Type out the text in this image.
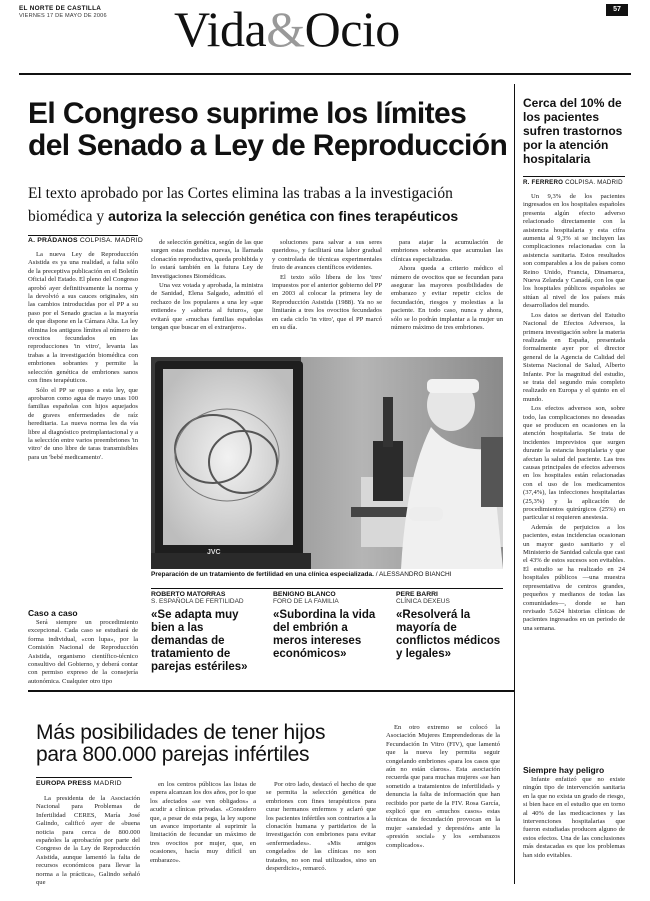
EL NORTE DE CASTILLA
VIERNES 17 DE MAYO DE 2006 Vida&Ocio	57
El Congreso suprime los límites
del Senado a Ley de Reproducción
El texto aprobado por las Cortes elimina las trabas a la investigación
biomédica y autoriza la selección genética con fines terapéuticos
A. PRÁDANOS COLPISA. MADRID

La nueva Ley de Reproducción Asistida es ya una realidad, a falta sólo de la preceptiva publicación en el Boletín Oficial del Estado. El pleno del Congreso aprobó ayer definitivamente la norma y la devolvió a sus cauces originales, sin las cambios introducidas por el PP a su paso por el Senado gracias a la mayoría de que dispone en la Cámara Alta. La ley elimina los antiguos límites al número de ovocitos fecundados en las reproducciones 'in vitro', levanta las trabas a la investigación biomédica con embriones sobrantes y permite la selección genética de embriones sanos con fines terapéuticos.

Sólo el PP se opuso a esta ley, que aprobaron como agua de mayo unas 100 familias españolas con hijos aquejados de graves enfermedades de raíz hereditaria. La nueva norma les da vía libre al diagnóstico preimplantacional y a la selección entre varios preembriones 'in vitro' de uno libre de taras transmisibles para un 'bebé medicamento'.

de selección genética, según de las que surgen estas medidas nuevas, la llamada clonación reproductiva, queda prohibida y lo estará también en la futura Ley de Investigaciones Biomédicas.

Una vez votada y aprobada, la ministra de Sanidad, Elena Salgado, admitió el rechazo de los populares a una ley «que entiende» y «abierta al futuro», que evitará que «muchas familias españolas tengan que buscar en el extranjero».

soluciones para salvar a sus seres queridos», y facilitará una labor gradual y controlada de técnicas experimentales fruto de avances científicos evidentes.

El texto sólo libera de los 'tres' impuestos por el anterior gobierno del PP en 2003 al colocar la primera ley de Reproducción Asistida (1988). Ya no se limitarán a tres los ovocitos fecundados en cada ciclo 'in vitro', que el PP marcó en su día.

para atajar la acumulación de embriones sobrantes que acumulan las clínicas especializadas.

Ahora queda a criterio médico el número de ovocitos que se fecundan para asegurar las mayores posibilidades de embarazo y evitar repetir ciclos de fecundación, riesgos y molestias a la paciente. En todo caso, nunca y ahora, sólo se lo podrán implantar a la mujer un número máximo de tres embriones.

JVC
Preparación de un tratamiento de fertilidad en una clínica especializada. / ALESSANDRO BIANCHI
Caso a caso

Será siempre un procedimiento excepcional. Cada caso se estudiará de forma individual, «con lupa», por la Comisión Nacional de Reproducción Asistida, organismo científico-técnico consultivo del Gobierno, y deberá contar con permiso expreso de la consejería autonómica. Cualquier otro tipo

ROBERTO MATORRAS
S. ESPAÑOLA DE FERTILIDAD
«Se adapta muy bien a las demandas de tratamiento de parejas estériles»
BENIGNO BLANCO
FORO DE LA FAMILIA
«Subordina la vida del embrión a meros intereses económicos»
PERE BARRI
CLÍNICA DEXEUS
«Resolverá la mayoría de conflictos médicos y legales»
Cerca del 10% de los pacientes sufren trastornos por la atención hospitalaria
R. FERRERO COLPISA. MADRID

Un 9,3% de los pacientes ingresados en los hospitales españoles presenta algún efecto adverso relacionado directamente con la asistencia hospitalaria y esta cifra aumenta al 9,3% si se incluyen las complicaciones relacionadas con la asistencia sanitaria. Estos resultados son comparables a los de países como Reino Unido, Francia, Dinamarca, Nueva Zelanda y Canadá, con los que los hospitales públicos españoles se sitúan al nivel de los países más desarrollados del mundo.

Los datos se derivan del Estudio Nacional de Efectos Adversos, la primera investigación sobre la materia realizada en España, presentada formalmente ayer por el director general de la Agencia de Calidad del Sistema Nacional de Salud, Alberto Infante. Por la magnitud del estudio, se trata del segundo más completo realizado en Europa y el quinto en el mundo.

Los efectos adversos son, sobre todo, las complicaciones no deseadas que se producen en ocasiones en la atención hospitalaria. Se trata de incidentes imprevistos que surgen durante la estancia hospitalaria y que afectan la salud del paciente. Las tres causas principales de efectos adversos en los hospitales están relacionadas con el uso de los medicamentos (37,4%), las infecciones hospitalarias (25,3%) y la aplicación de procedimientos quirúrgicos (25%) en particular si requieren anestesia.

Además de perjuicios a los pacientes, estas incidencias ocasionan un mayor gasto sanitario y el Ministerio de Sanidad calcula que casi el 43% de estos sucesos son evitables. El estudio se ha realizado en 24 hospitales públicos —una muestra representativa de centros grandes, pequeños y medianos de todas las comunidades—, donde se han revisado 5.624 historias clínicas de pacientes ingresados en un periodo de una semana.

Siempre hay peligro

Infante enfatizó que no existe ningún tipo de intervención sanitaria en la que no exista un grado de riesgo, si bien hace en el estudio que en torno al 40% de las medicaciones y las intervenciones hospitalarias que fueron estudiadas producen alguno de estos efectos. Una de las conclusiones más destacadas es que los problemas han sido evitables.

Más posibilidades de tener hijos
para 800.000 parejas infértiles
EUROPA PRESS MADRID

La presidenta de la Asociación Nacional para Problemas de Infertilidad CERES, María José Galindo, calificó ayer de «buena noticia para cerca de 800.000 españoles la aprobación por parte del Congreso de la Ley de Reproducción Asistida, aunque lamentó la falta de recursos económicos para llevar la norma a la práctica», Galindo señaló que

en los centros públicos las listas de espera alcanzan los dos años, por lo que los afectados «se ven obligados» a acudir a clínicas privadas. «Considero que, a pesar de esta pega, la ley supone un avance importante al suprimir la limitación de fecundar un máximo de tres ovocitos por mujer, que, en ocasiones, hacía muy difícil un embarazo».

Por otro lado, destacó el hecho de que se permita la selección genética de embriones con fines terapéuticos para curar hermanos enfermos y aclaró que los pacientes infértiles son contrarios a la clonación humana y partidarios de la investigación con embriones para evitar «enfermedades». «Mis amigos congelados de las clínicas no son tratados, no son mal utilizados, sino un desperdicio», remarcó.

En otro extremo se colocó la Asociación Mujeres Emprendedoras de la Fecundación In Vitro (FIV), que lamentó que la nueva ley permita seguir congelando embriones «para los casos que aún no están claros». Esta asociación recuerda que para muchas mujeres «se han sometido a tratamientos de infertilidad» y denuncia la falta de información que han recibido por parte de la FIV. Rosa García, explicó que en «muchos casos» estas técnicas de fecundación provocan en la mujer «ansiedad y depresión» ante la «presión social» y los «embarazos complicados».
